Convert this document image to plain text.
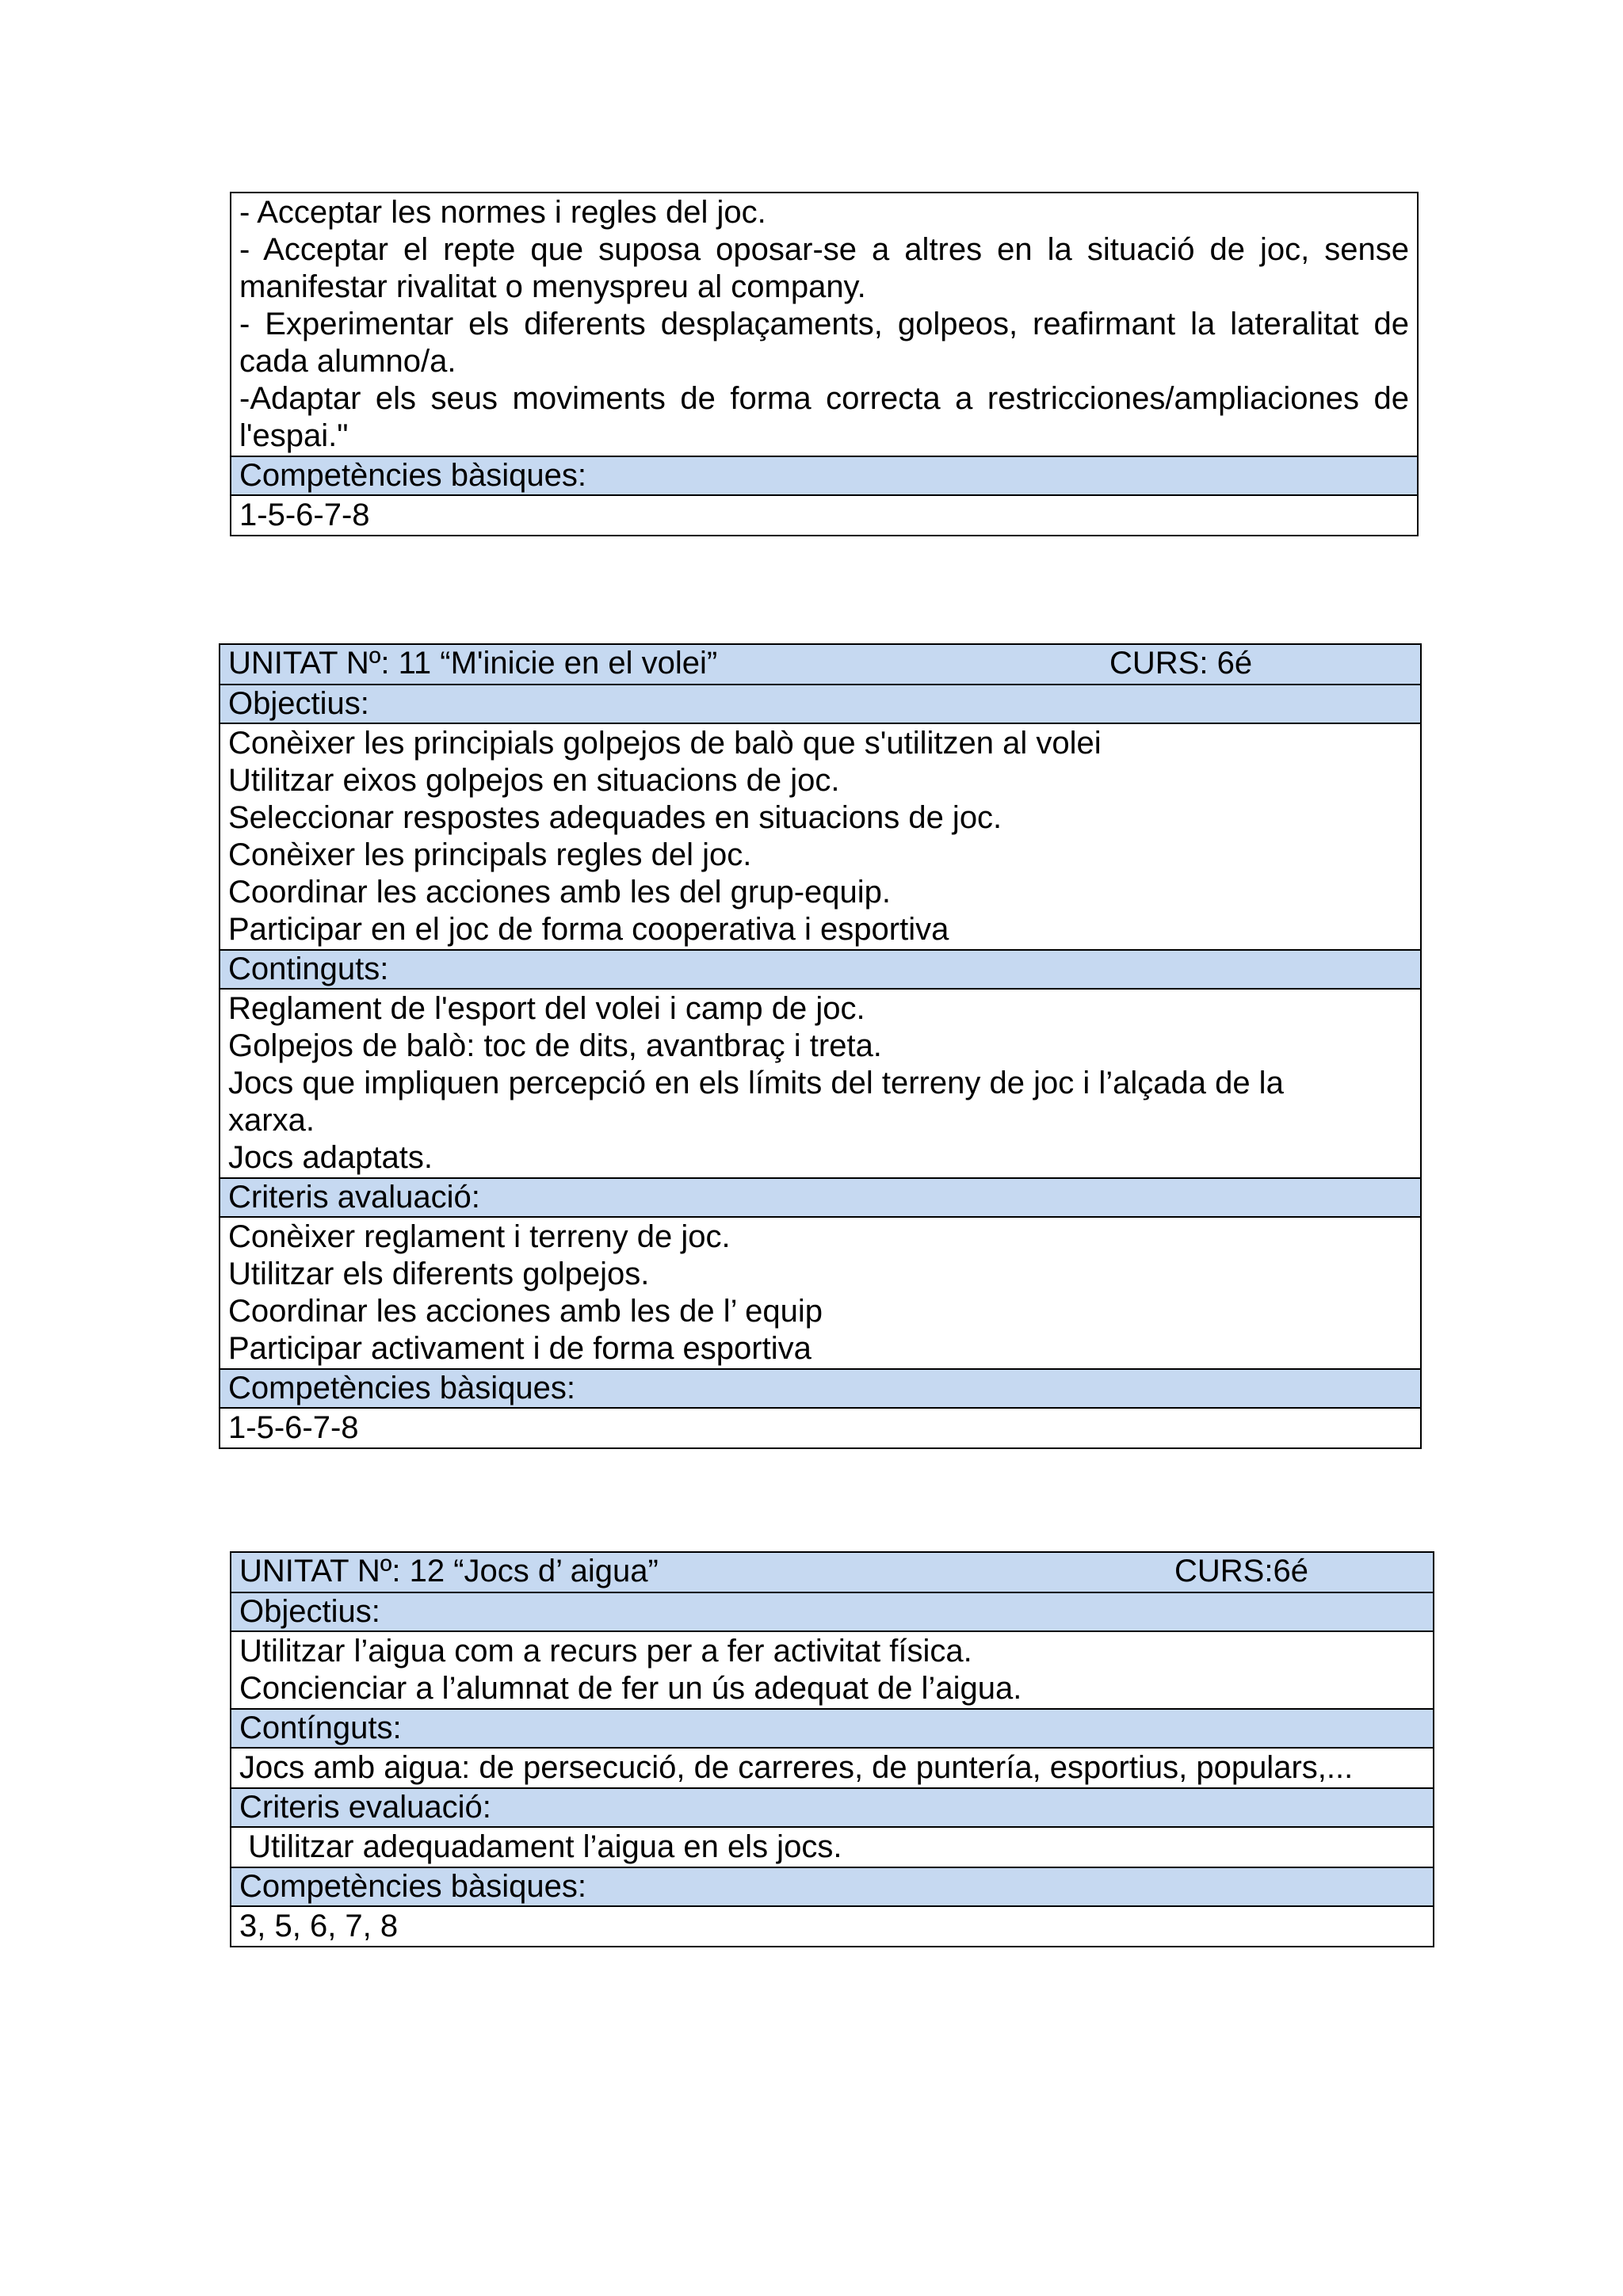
- Acceptar les normes i regles del joc.
- Acceptar el repte que suposa oposar-se a altres en la situació de joc, sense
manifestar rivalitat o menyspreu al company.
- Experimentar els diferents desplaçaments, golpeos, reafirmant la lateralitat de
cada alumno/a.
-Adaptar els seus moviments de forma correcta a restricciones/ampliaciones de
l'espai."
Competències bàsiques:
1-5-6-7-8
UNITAT Nº: 11 “M'inicie en el volei”	CURS: 6é
Objectius:
Conèixer les principials golpejos de balò que s'utilitzen al volei
Utilitzar eixos golpejos en situacions de joc.
Seleccionar respostes adequades en situacions de joc.
Conèixer les principals regles del joc.
Coordinar les acciones amb les del grup-equip.
Participar en el joc de forma cooperativa i esportiva
Continguts:
Reglament de l'esport del volei i camp de joc.
Golpejos de balò: toc de dits, avantbraç i treta.
Jocs que impliquen percepció en els límits del terreny de joc i l’alçada de la
xarxa.
Jocs adaptats.
Criteris avaluació:
Conèixer reglament i terreny de joc.
Utilitzar els diferents golpejos.
Coordinar les acciones amb les de l’ equip
Participar activament i de forma esportiva
Competències bàsiques:
1-5-6-7-8
UNITAT Nº: 12 “Jocs d’ aigua”	CURS:6é
Objectius:
Utilitzar l’aigua com a recurs per a fer activitat física.
Concienciar a l’alumnat de fer un ús adequat de l’aigua.
Contínguts:
Jocs amb aigua: de persecució, de carreres, de puntería, esportius, populars,...
Criteris evaluació:
Utilitzar adequadament l’aigua en els jocs.
Competències bàsiques:
3, 5, 6, 7, 8
